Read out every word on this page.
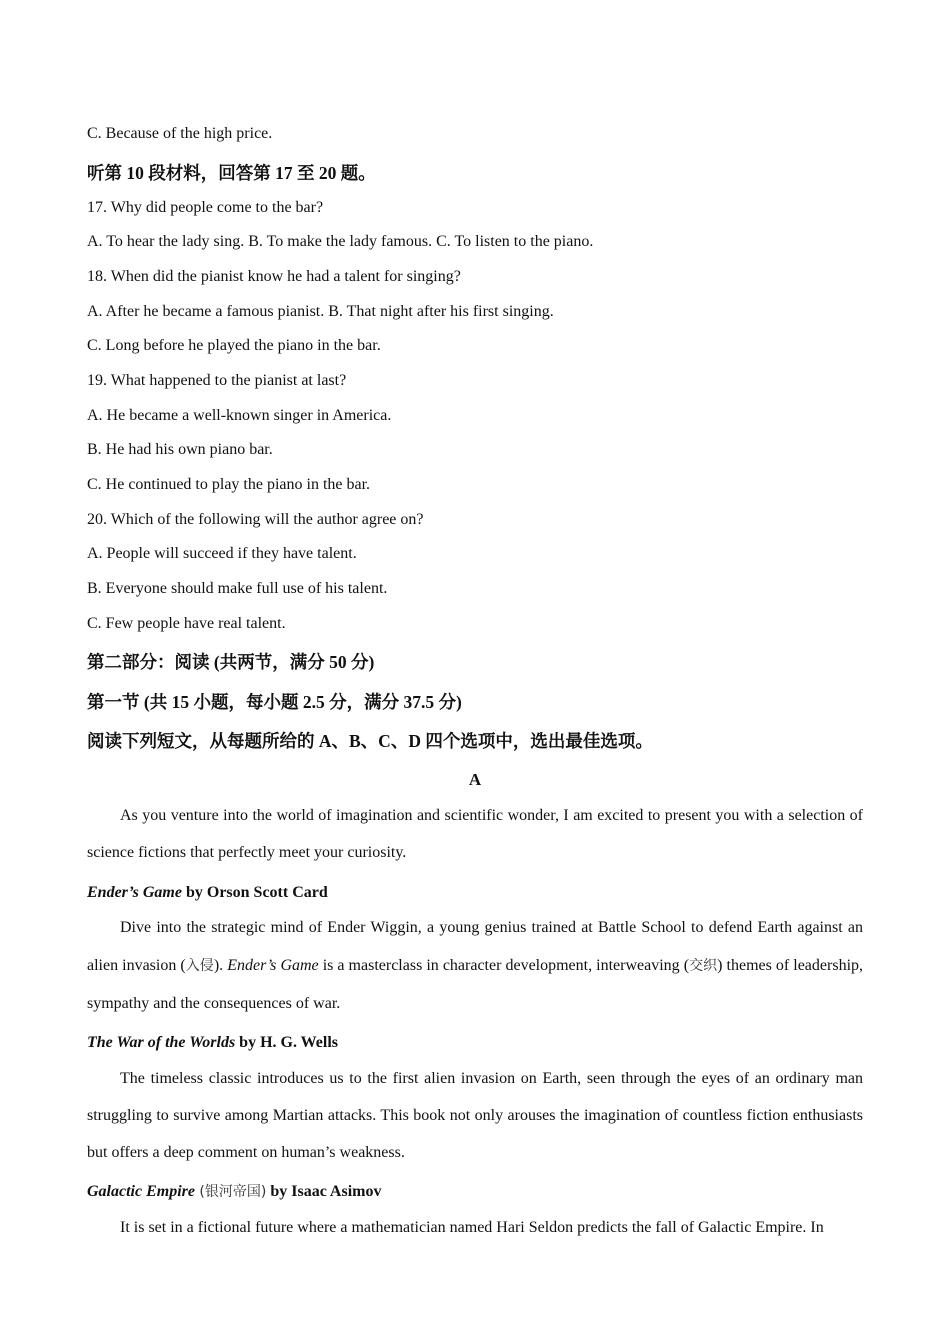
C. Because of the high price.

听第 10 段材料，回答第 17 至 20 题。

17. Why did people come to the bar?

A. To hear the lady sing. B. To make the lady famous. C. To listen to the piano.

18. When did the pianist know he had a talent for singing?

A. After he became a famous pianist. B. That night after his first singing.

C. Long before he played the piano in the bar.

19. What happened to the pianist at last?

A. He became a well-known singer in America.

B. He had his own piano bar.

C. He continued to play the piano in the bar.

20. Which of the following will the author agree on?

A. People will succeed if they have talent.

B. Everyone should make full use of his talent.

C. Few people have real talent.

第二部分：阅读 (共两节，满分 50 分)

第一节 (共 15 小题，每小题 2.5 分，满分 37.5 分)

阅读下列短文，从每题所给的 A、B、C、D 四个选项中，选出最佳选项。

A

As you venture into the world of imagination and scientific wonder, I am excited to present you with a selection of science fictions that perfectly meet your curiosity.

Ender’s Game by Orson Scott Card

Dive into the strategic mind of Ender Wiggin, a young genius trained at Battle School to defend Earth against an alien invasion (入侵). Ender’s Game is a masterclass in character development, interweaving (交织) themes of leadership, sympathy and the consequences of war.

The War of the Worlds by H. G. Wells

The timeless classic introduces us to the first alien invasion on Earth, seen through the eyes of an ordinary man struggling to survive among Martian attacks. This book not only arouses the imagination of countless fiction enthusiasts but offers a deep comment on human’s weakness.

Galactic Empire (银河帝国) by Isaac Asimov

It is set in a fictional future where a mathematician named Hari Seldon predicts the fall of Galactic Empire. In
